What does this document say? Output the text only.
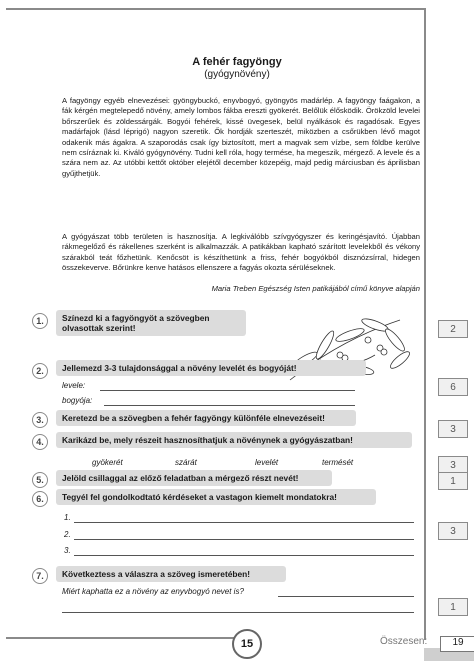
A fehér fagyöngy
(gyógynövény)
A fagyöngy egyéb elnevezései: gyöngybuckó, enyvbogyó, gyöngyös madárlép. A fagyöngy faágakon, a fák kérgén megtelepedő növény, amely lombos fákba ereszti gyökerét. Belőlük élősködik. Örökzöld levelei bőrszerűek és zöldessárgák. Bogyói fehérek, kissé üvegesek, belül nyálkások és ragadósak. Egyes madárfajok (lásd léprigó) nagyon szeretik. Ők hordják szerteszét, miközben a csőrükben lévő magot odakenik más ágakra. A szaporodás csak így biztosított, mert a magvak sem vízbe, sem földbe kerülve nem csíráznak ki. Kiváló gyógynövény. Tudni kell róla, hogy termése, ha megeszik, mérgező. A levele és a szára nem az. Az utóbbi kettőt október elejétől december közepéig, majd pedig márciusban és áprilisban gyűjthetjük.
A gyógyászat több területen is hasznosítja. A legkiválóbb szívgyógyszer és keringésjavító. Újabban rákmegelőző és rákellenes szerként is alkalmazzák. A patikákban kapható szárított levelekből és vékony szárakból teát főzhetünk. Kenőcsöt is készíthetünk a friss, fehér bogyókból disznózsírral, hidegen összekeverve. Bőrünkre kenve hatásos ellenszere a fagyás okozta sérüléseknek.
Maria Treben Egészség Isten patikájából című könyve alapján
1.	Színezd ki a fagyöngyöt a szövegben olvasottak szerint!	2
2.	Jellemezd 3-3 tulajdonsággal a növény levelét és bogyóját!
levele:
bogyója:
6
3.	Keretezd be a szövegben a fehér fagyöngy különféle elnevezéseit!
3
4.	Karikázd be, mely részeit hasznosíthatjuk a növénynek a gyógyászatban!
gyökerét	szárát	levelét	termését	3
5.	Jelöld csillaggal az előző feladatban a mérgező részt nevét!	1
6.	Tegyél fel gondolkodtató kérdéseket a vastagon kiemelt mondatokra!
1.
2.
3.
3
7.	Következtess a válaszra a szöveg ismeretében!
Miért kaphatta ez a növény az enyvbogyó nevet is?
1
15	Összesen:	19
